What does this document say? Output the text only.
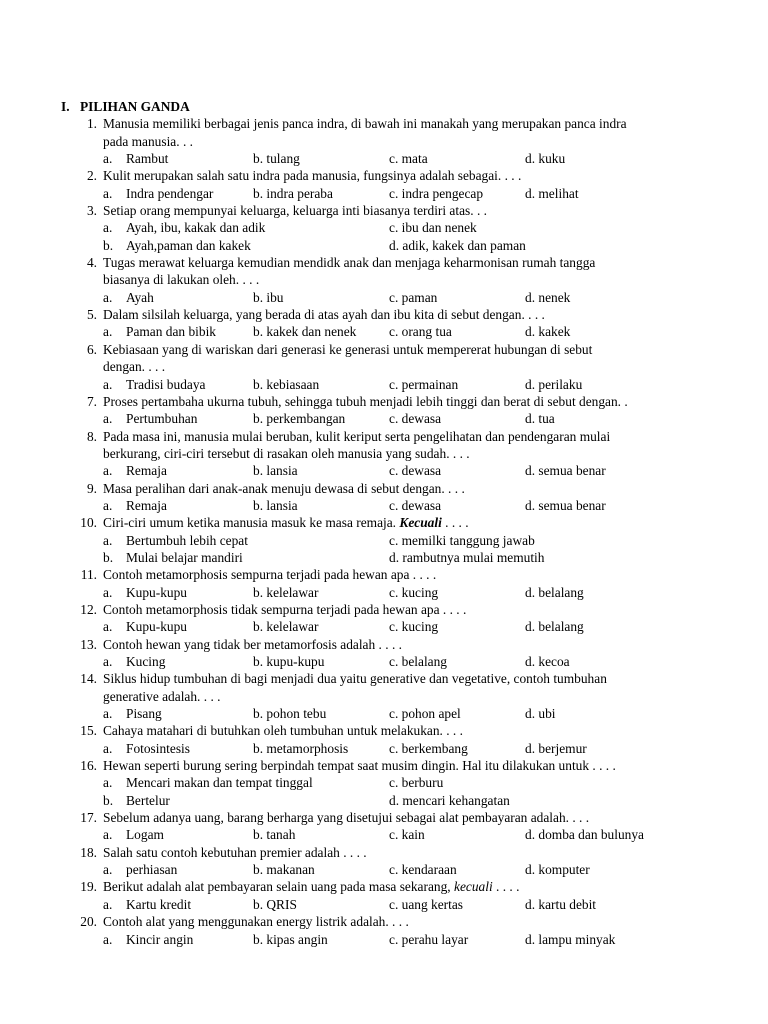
I. PILIHAN GANDA
1. Manusia memiliki berbagai jenis panca indra, di bawah ini manakah yang merupakan panca indra
pada manusia. . .
a. Rambut	b. tulang	c. mata	d. kuku
2. Kulit merupakan salah satu indra pada manusia, fungsinya adalah sebagai. . . .
a. Indra pendengar	b. indra peraba	c. indra pengecap	d. melihat
3. Setiap orang mempunyai keluarga, keluarga inti biasanya terdiri atas. . .
a. Ayah, ibu, kakak dan adik	c. ibu dan nenek
b. Ayah,paman dan kakek	d. adik, kakek dan paman
4. Tugas merawat keluarga kemudian mendidk anak dan menjaga keharmonisan rumah tangga
biasanya di lakukan oleh. . . .
a. Ayah	b. ibu	c. paman	d. nenek
5. Dalam silsilah keluarga, yang berada di atas ayah dan ibu kita di sebut dengan. . . .
a. Paman dan bibik	b. kakek dan nenek c. orang tua	d. kakek
6. Kebiasaan yang di wariskan dari generasi ke generasi untuk mempererat hubungan di sebut
dengan. . . .
a. Tradisi budaya	b. kebiasaan	c. permainan	d. perilaku
7. Proses pertambaha ukurna tubuh, sehingga tubuh menjadi lebih tinggi dan berat di sebut dengan. .
a. Pertumbuhan	b. perkembangan	c. dewasa	d. tua
8. Pada masa ini, manusia mulai beruban, kulit keriput serta pengelihatan dan pendengaran mulai
berkurang, ciri-ciri tersebut di rasakan oleh manusia yang sudah. . . .
a. Remaja	b. lansia	c. dewasa	d. semua benar
9. Masa peralihan dari anak-anak menuju dewasa di sebut dengan. . . .
a. Remaja	b. lansia	c. dewasa	d. semua benar
10. Ciri-ciri umum ketika manusia masuk ke masa remaja. Kecuali . . . .
a. Bertumbuh lebih cepat	c. memilki tanggung jawab
b. Mulai belajar mandiri	d. rambutnya mulai memutih
11. Contoh metamorphosis sempurna terjadi pada hewan apa . . . .
a. Kupu-kupu	b. kelelawar	c. kucing	d. belalang
12. Contoh metamorphosis tidak sempurna terjadi pada hewan apa . . . .
a. Kupu-kupu	b. kelelawar	c. kucing	d. belalang
13. Contoh hewan yang tidak ber metamorfosis adalah . . . .
a. Kucing	b. kupu-kupu	c. belalang	d. kecoa
14. Siklus hidup tumbuhan di bagi menjadi dua yaitu generative dan vegetative, contoh tumbuhan
generative adalah. . . .
a. Pisang	b. pohon tebu	c. pohon apel	d. ubi
15. Cahaya matahari di butuhkan oleh tumbuhan untuk melakukan. . . .
a. Fotosintesis	b. metamorphosis	c. berkembang	d. berjemur
16. Hewan seperti burung sering berpindah tempat saat musim dingin. Hal itu dilakukan untuk . . . .
a. Mencari makan dan tempat tinggal	c. berburu
b. Bertelur	d. mencari kehangatan
17. Sebelum adanya uang, barang berharga yang disetujui sebagai alat pembayaran adalah. . . .
a. Logam	b. tanah	c. kain	d. domba dan bulunya
18. Salah satu contoh kebutuhan premier adalah . . . .
a. perhiasan	b. makanan	c. kendaraan	d. komputer
19. Berikut adalah alat pembayaran selain uang pada masa sekarang, kecuali . . . .
a. Kartu kredit	b. QRIS	c. uang kertas	d. kartu debit
20. Contoh alat yang menggunakan energy listrik adalah. . . .
a. Kincir angin	b. kipas angin	c. perahu layar	d. lampu minyak
